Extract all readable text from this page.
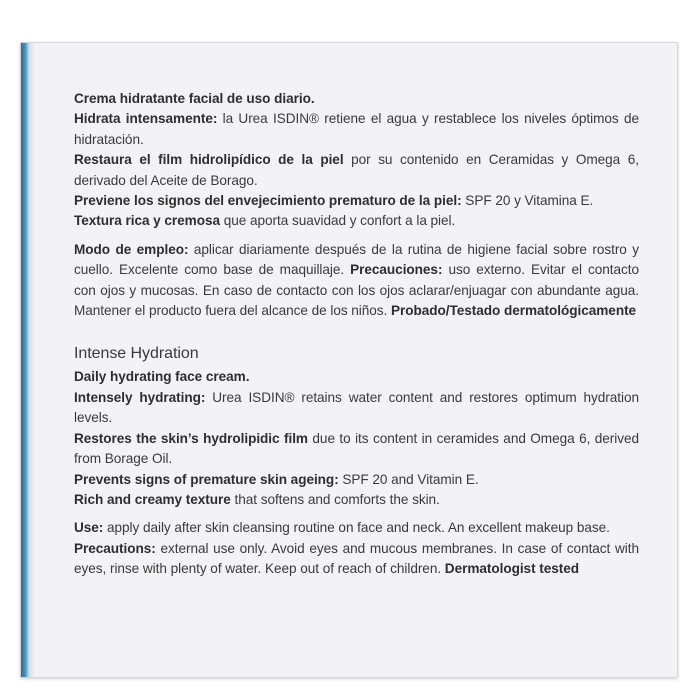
Crema hidratante facial de uso diario.

Hidrata intensamente: la Urea ISDIN® retiene el agua y restablece los niveles óptimos de hidratación.

Restaura el film hidrolipídico de la piel por su contenido en Ceramidas y Omega 6, derivado del Aceite de Borago.

Previene los signos del envejecimiento prematuro de la piel: SPF 20 y Vitamina E.

Textura rica y cremosa que aporta suavidad y confort a la piel.

Modo de empleo: aplicar diariamente después de la rutina de higiene facial sobre rostro y cuello. Excelente como base de maquillaje. Precauciones: uso externo. Evitar el contacto con ojos y mucosas. En caso de contacto con los ojos aclarar/enjuagar con abundante agua. Mantener el producto fuera del alcance de los niños. Probado/Testado dermatológicamente

Intense Hydration

Daily hydrating face cream.

Intensely hydrating: Urea ISDIN® retains water content and restores optimum hydration levels.

Restores the skin’s hydrolipidic film due to its content in ceramides and Omega 6, derived from Borage Oil.

Prevents signs of premature skin ageing: SPF 20 and Vitamin E.

Rich and creamy texture that softens and comforts the skin.

Use: apply daily after skin cleansing routine on face and neck. An excellent makeup base.

Precautions: external use only. Avoid eyes and mucous membranes. In case of contact with eyes, rinse with plenty of water. Keep out of reach of children. Dermatologist tested
